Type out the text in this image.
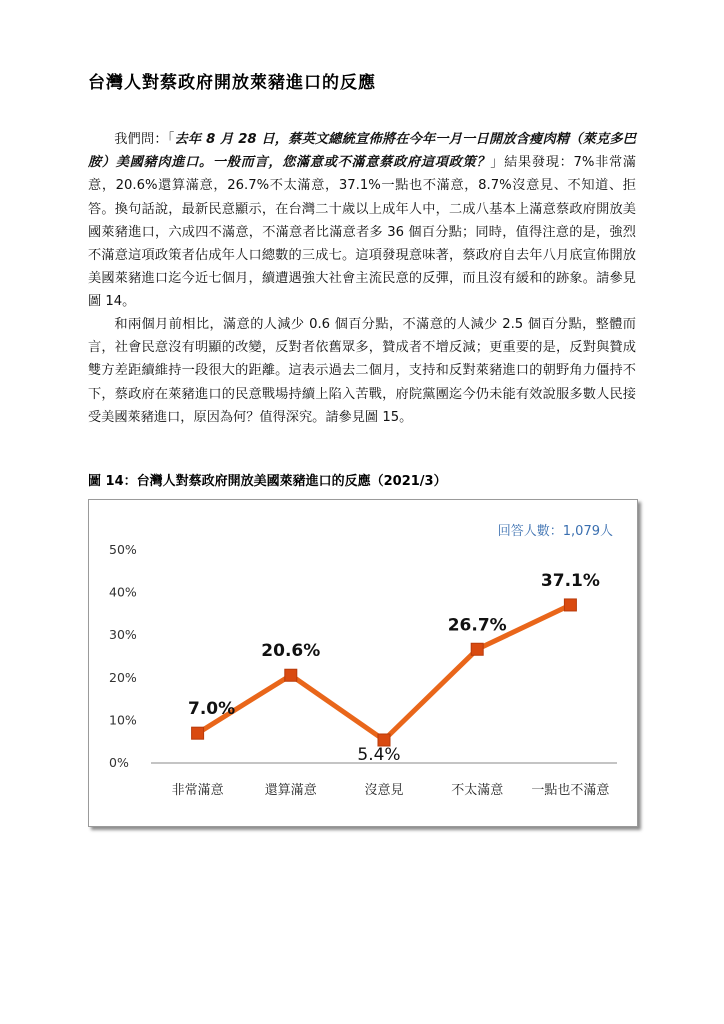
台灣人對蔡政府開放萊豬進口的反應

我們問：「去年 8 月 28 日，蔡英文總統宣佈將在今年一月一日開放含瘦肉精（萊克多巴胺）美國豬肉進口。一般而言，您滿意或不滿意蔡政府這項政策？」結果發現：7%非常滿意，20.6%還算滿意，26.7%不太滿意，37.1%一點也不滿意，8.7%沒意見、不知道、拒答。換句話說，最新民意顯示，在台灣二十歲以上成年人中，二成八基本上滿意蔡政府開放美國萊豬進口，六成四不滿意，不滿意者比滿意者多 36 個百分點；同時，值得注意的是，強烈不滿意這項政策者佔成年人口總數的三成七。這項發現意味著，蔡政府自去年八月底宣佈開放美國萊豬進口迄今近七個月，續遭遇強大社會主流民意的反彈，而且沒有緩和的跡象。請參見圖 14。

和兩個月前相比，滿意的人減少 0.6 個百分點，不滿意的人減少 2.5 個百分點，整體而言，社會民意沒有明顯的改變，反對者依舊眾多，贊成者不增反減；更重要的是，反對與贊成雙方差距續維持一段很大的距離。這表示過去二個月，支持和反對萊豬進口的朝野角力僵持不下，蔡政府在萊豬進口的民意戰場持續上陷入苦戰，府院黨團迄今仍未能有效說服多數人民接受美國萊豬進口，原因為何？值得深究。請參見圖 15。

圖 14：台灣人對蔡政府開放美國萊豬進口的反應（2021/3）

回答人數：1,079人

0%
10%
20%
30%
40%
50%
非常滿意	還算滿意	沒意見	不太滿意 一點也不滿意
7.0%
20.6%
5.4%
26.7%
37.1%
